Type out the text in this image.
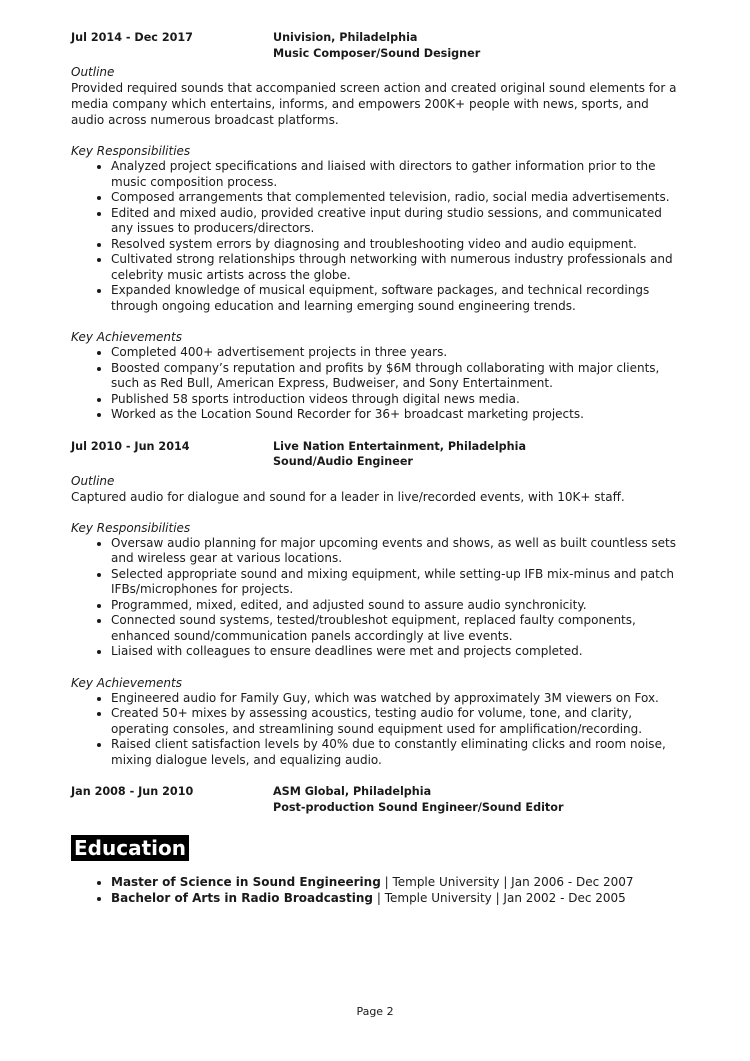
Jul 2014 - Dec 2017	Univision, Philadelphia
Music Composer/Sound Designer
Outline

Provided required sounds that accompanied screen action and created original sound elements for a media company which entertains, informs, and empowers 200K+ people with news, sports, and audio across numerous broadcast platforms.

Key Responsibilities
• Analyzed project specifications and liaised with directors to gather information prior to the music composition process.
• Composed arrangements that complemented television, radio, social media advertisements.
• Edited and mixed audio, provided creative input during studio sessions, and communicated any issues to producers/directors.
• Resolved system errors by diagnosing and troubleshooting video and audio equipment.
• Cultivated strong relationships through networking with numerous industry professionals and celebrity music artists across the globe.
• Expanded knowledge of musical equipment, software packages, and technical recordings through ongoing education and learning emerging sound engineering trends.
Key Achievements
• Completed 400+ advertisement projects in three years.
• Boosted company’s reputation and profits by $6M through collaborating with major clients, such as Red Bull, American Express, Budweiser, and Sony Entertainment.
• Published 58 sports introduction videos through digital news media.
• Worked as the Location Sound Recorder for 36+ broadcast marketing projects.
Jul 2010 - Jun 2014	Live Nation Entertainment, Philadelphia
Sound/Audio Engineer
Outline

Captured audio for dialogue and sound for a leader in live/recorded events, with 10K+ staff.

Key Responsibilities
• Oversaw audio planning for major upcoming events and shows, as well as built countless sets and wireless gear at various locations.
• Selected appropriate sound and mixing equipment, while setting-up IFB mix-minus and patch IFBs/microphones for projects.
• Programmed, mixed, edited, and adjusted sound to assure audio synchronicity.
• Connected sound systems, tested/troubleshot equipment, replaced faulty components, enhanced sound/communication panels accordingly at live events.
• Liaised with colleagues to ensure deadlines were met and projects completed.
Key Achievements
• Engineered audio for Family Guy, which was watched by approximately 3M viewers on Fox.
• Created 50+ mixes by assessing acoustics, testing audio for volume, tone, and clarity, operating consoles, and streamlining sound equipment used for amplification/recording.
• Raised client satisfaction levels by 40% due to constantly eliminating clicks and room noise, mixing dialogue levels, and equalizing audio.
Jan 2008 - Jun 2010	ASM Global, Philadelphia
Post-production Sound Engineer/Sound Editor
Education
• Master of Science in Sound Engineering | Temple University | Jan 2006 - Dec 2007
• Bachelor of Arts in Radio Broadcasting | Temple University | Jan 2002 - Dec 2005
Page 2
